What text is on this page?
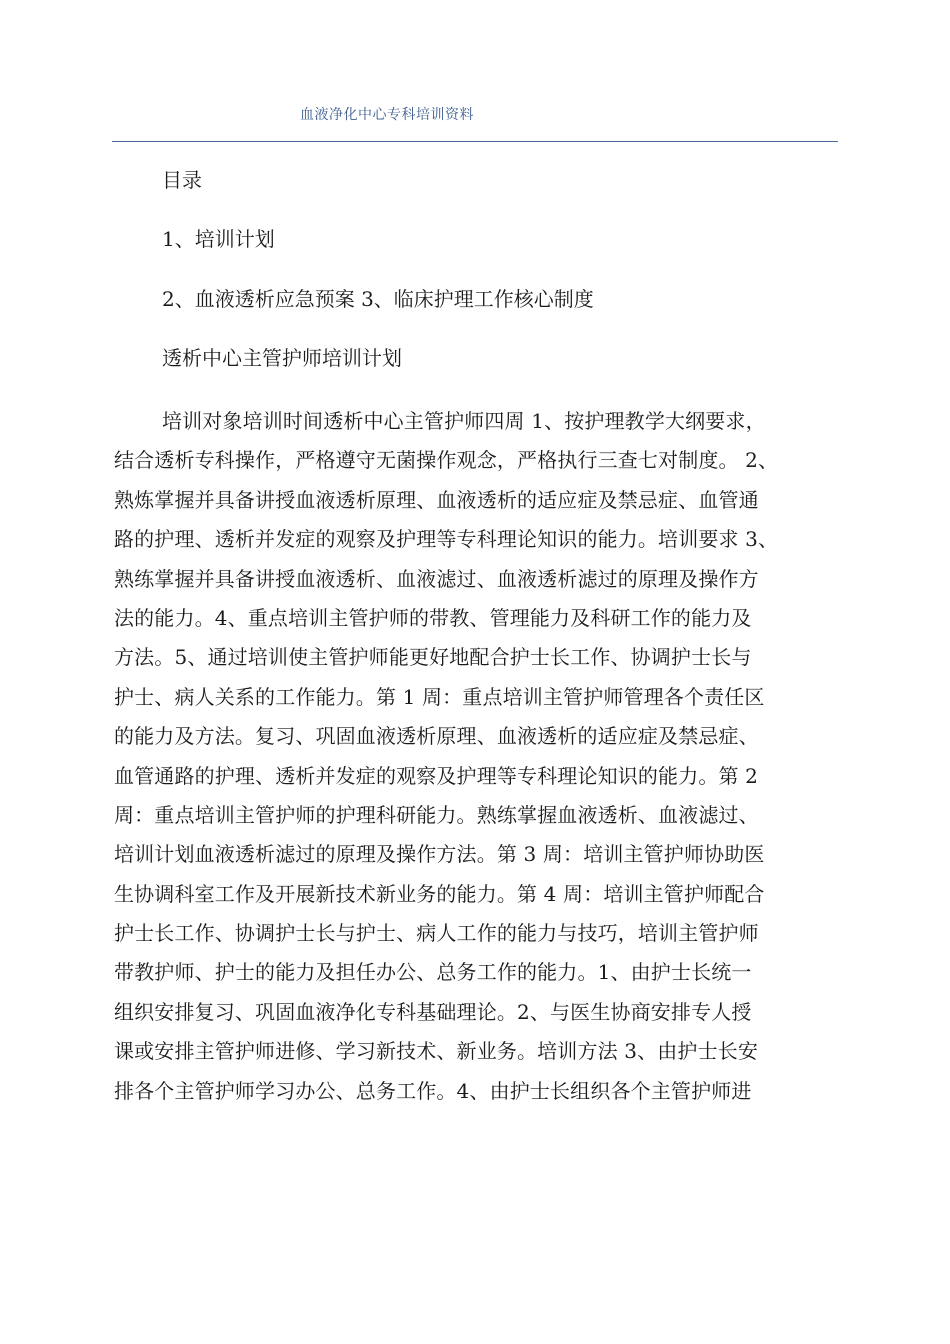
血液净化中心专科培训资料
目录
1、培训计划
2、血液透析应急预案 3、临床护理工作核心制度
透析中心主管护师培训计划
培训对象培训时间透析中心主管护师四周 1、按护理教学大纲要求，
结合透析专科操作，严格遵守无菌操作观念，严格执行三查七对制度。 2、
熟炼掌握并具备讲授血液透析原理、血液透析的适应症及禁忌症、血管通
路的护理、透析并发症的观察及护理等专科理论知识的能力。培训要求 3、
熟练掌握并具备讲授血液透析、血液滤过、血液透析滤过的原理及操作方
法的能力。4、重点培训主管护师的带教、管理能力及科研工作的能力及
方法。5、通过培训使主管护师能更好地配合护士长工作、协调护士长与
护士、病人关系的工作能力。第 1 周：重点培训主管护师管理各个责任区
的能力及方法。复习、巩固血液透析原理、血液透析的适应症及禁忌症、
血管通路的护理、透析并发症的观察及护理等专科理论知识的能力。第 2
周：重点培训主管护师的护理科研能力。熟练掌握血液透析、血液滤过、
培训计划血液透析滤过的原理及操作方法。第 3 周：培训主管护师协助医
生协调科室工作及开展新技术新业务的能力。第 4 周：培训主管护师配合
护士长工作、协调护士长与护士、病人工作的能力与技巧，培训主管护师
带教护师、护士的能力及担任办公、总务工作的能力。1、由护士长统一
组织安排复习、巩固血液净化专科基础理论。2、与医生协商安排专人授
课或安排主管护师进修、学习新技术、新业务。培训方法 3、由护士长安
排各个主管护师学习办公、总务工作。4、由护士长组织各个主管护师进
